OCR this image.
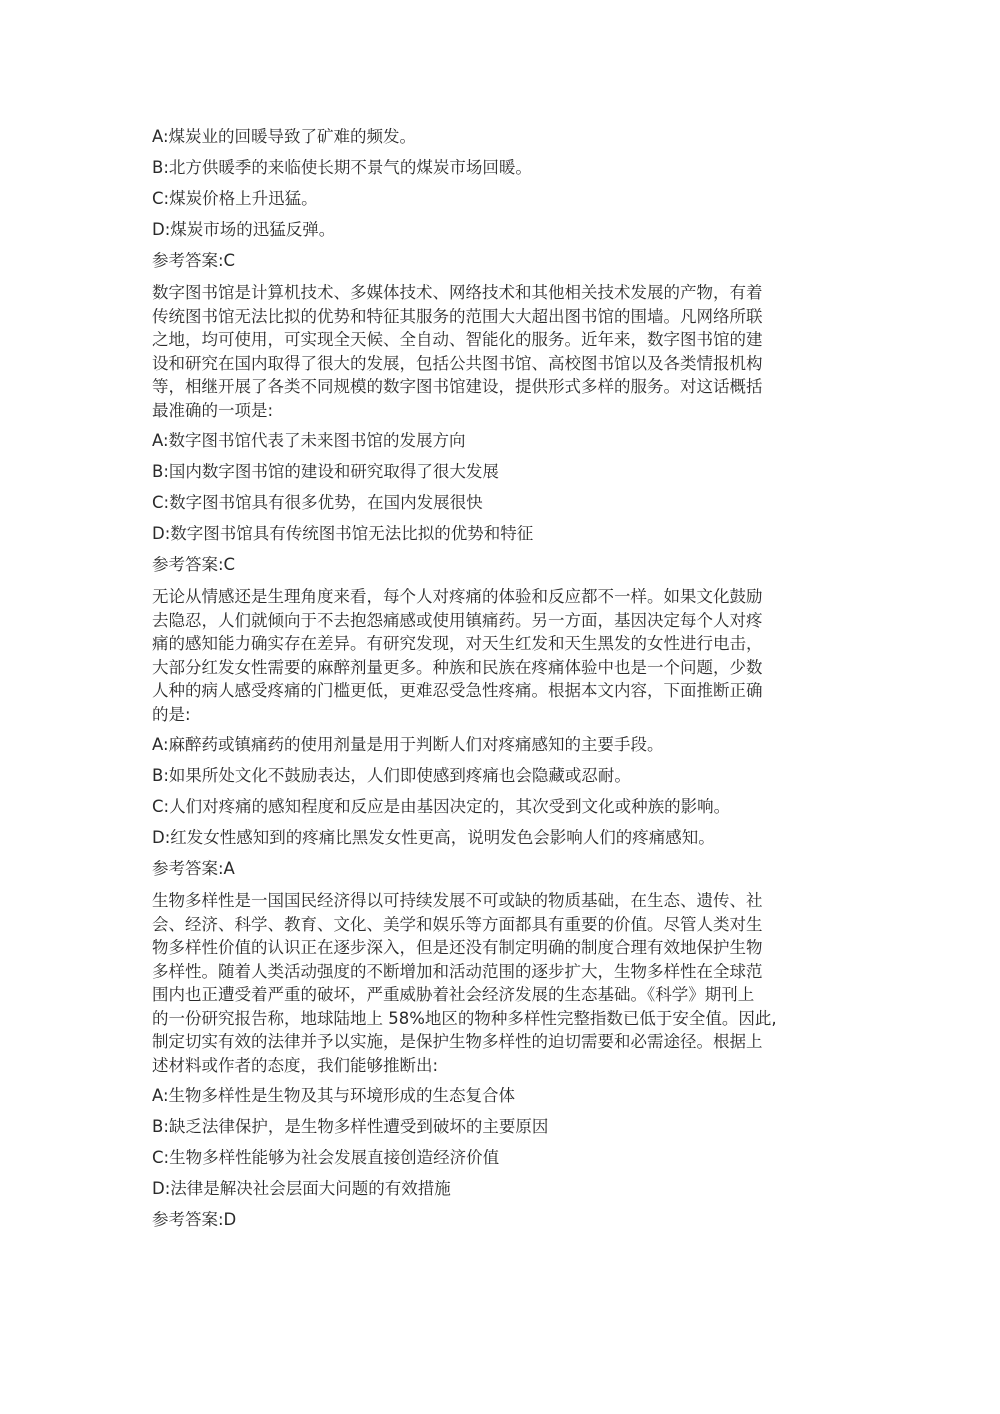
A:煤炭业的回暖导致了矿难的频发。

B:北方供暖季的来临使长期不景气的煤炭市场回暖。

C:煤炭价格上升迅猛。

D:煤炭市场的迅猛反弹。

参考答案:C

数字图书馆是计算机技术、多媒体技术、网络技术和其他相关技术发展的产物，有着
传统图书馆无法比拟的优势和特征其服务的范围大大超出图书馆的围墙。凡网络所联
之地，均可使用，可实现全天候、全自动、智能化的服务。近年来，数字图书馆的建
设和研究在国内取得了很大的发展，包括公共图书馆、高校图书馆以及各类情报机构
等，相继开展了各类不同规模的数字图书馆建设，提供形式多样的服务。对这话概括
最准确的一项是:

A:数字图书馆代表了未来图书馆的发展方向

B:国内数字图书馆的建设和研究取得了很大发展

C:数字图书馆具有很多优势，在国内发展很快

D:数字图书馆具有传统图书馆无法比拟的优势和特征

参考答案:C

无论从情感还是生理角度来看，每个人对疼痛的体验和反应都不一样。如果文化鼓励
去隐忍，人们就倾向于不去抱怨痛感或使用镇痛药。另一方面，基因决定每个人对疼
痛的感知能力确实存在差异。有研究发现，对天生红发和天生黑发的女性进行电击，
大部分红发女性需要的麻醉剂量更多。种族和民族在疼痛体验中也是一个问题，少数
人种的病人感受疼痛的门槛更低，更难忍受急性疼痛。根据本文内容，下面推断正确
的是:

A:麻醉药或镇痛药的使用剂量是用于判断人们对疼痛感知的主要手段。

B:如果所处文化不鼓励表达，人们即使感到疼痛也会隐藏或忍耐。

C:人们对疼痛的感知程度和反应是由基因决定的，其次受到文化或种族的影响。

D:红发女性感知到的疼痛比黑发女性更高，说明发色会影响人们的疼痛感知。

参考答案:A

生物多样性是一国国民经济得以可持续发展不可或缺的物质基础，在生态、遗传、社
会、经济、科学、教育、文化、美学和娱乐等方面都具有重要的价值。尽管人类对生
物多样性价值的认识正在逐步深入，但是还没有制定明确的制度合理有效地保护生物
多样性。随着人类活动强度的不断增加和活动范围的逐步扩大，生物多样性在全球范
围内也正遭受着严重的破坏，严重威胁着社会经济发展的生态基础。《科学》期刊上
的一份研究报告称，地球陆地上 58%地区的物种多样性完整指数已低于安全值。因此,
制定切实有效的法律并予以实施，是保护生物多样性的迫切需要和必需途径。根据上
述材料或作者的态度，我们能够推断出:

A:生物多样性是生物及其与环境形成的生态复合体

B:缺乏法律保护，是生物多样性遭受到破坏的主要原因

C:生物多样性能够为社会发展直接创造经济价值

D:法律是解决社会层面大问题的有效措施

参考答案:D
